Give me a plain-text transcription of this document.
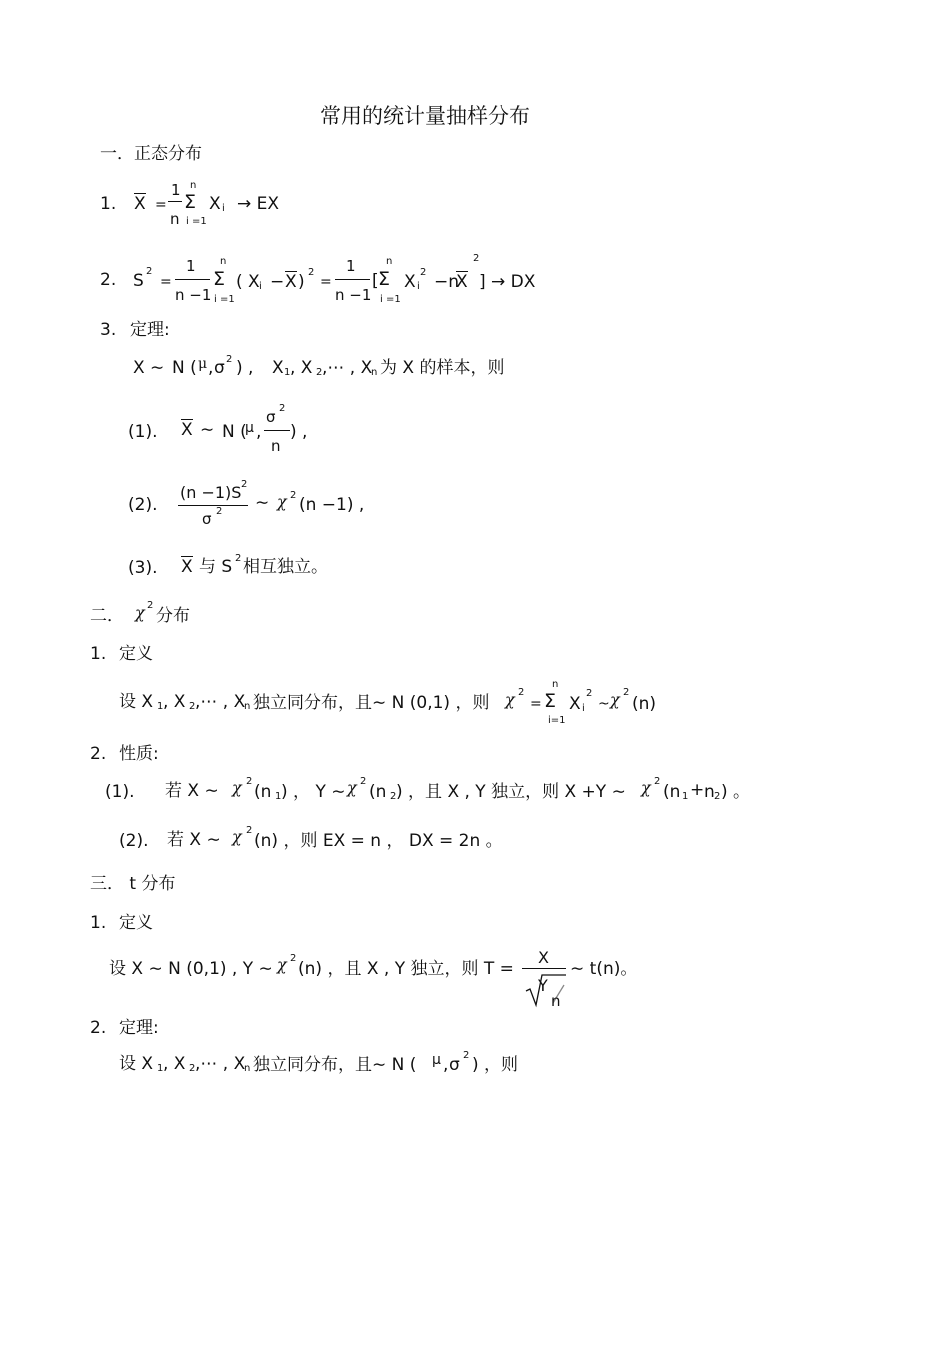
常用的统计量抽样分布
一．正态分布
1. X =
1
n
n
Σ
i =1
X i → EX
2. S 2
=
1
n −1
n
Σ
i =1
( X i − X ) 2
=
1
n −1
[
n
Σ
i =1
X i
2 −n
X
2
] → DX
3. 定理:
X ∼ N ( μ , σ 2 ) , X 1 , X 2 ,⋯ , X
n 为 X 的样本，则
(1). X ∼ N (
μ ,
σ 2
n
) ,
(2).
(n −1)S 2
σ 2 ∼ χ 2 (n −1) ,
(3). X 与 S 2 相互独立。
二． χ 2
分布
1. 定义
设 X 1 , X 2 ,⋯ , X
n 独立同分布，且∼ N (0,1) ，则 χ 2
=
n
Σ
i=1
X i
2
~ χ 2
(n)
2. 性质:
(1). 若 X ∼ χ 2
(n 1 ) ， Y ∼ χ 2
(n 2 ) ，且 X , Y 独立，则 X +Y ∼ χ 2
(n 1 + n 2 ) 。
(2). 若 X ∼ χ 2
(n) ，则 EX = n ， DX = 2n 。
三． t 分布
1. 定义
设 X ∼ N (0,1) , Y ∼ χ 2
(n) ，且 X , Y 独立，则 T =
X
Y
n
∼ t(n)。
2. 定理:
设 X 1 , X 2 ,⋯ , X
n 独立同分布，且∼ N ( μ , σ 2 ) ，则
